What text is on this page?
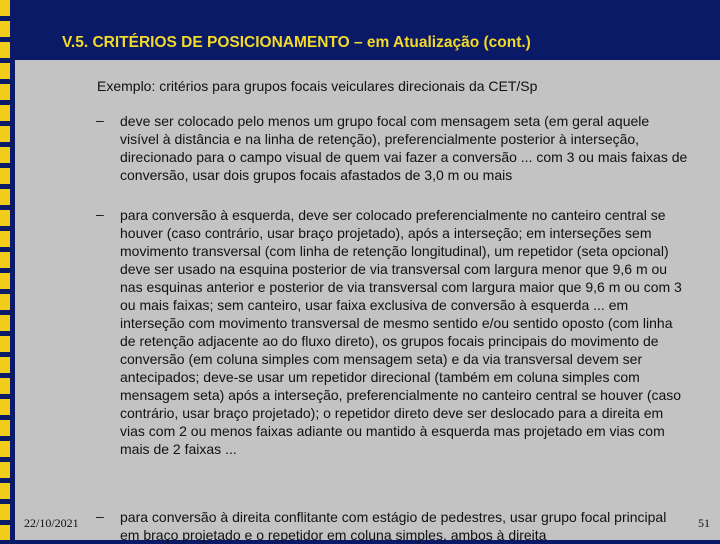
V.5. CRITÉRIOS DE POSICIONAMENTO – em Atualização (cont.)
Exemplo: critérios para grupos focais veiculares direcionais da CET/Sp
– deve ser colocado pelo menos um grupo focal com mensagem seta (em geral aquele visível à distância e na linha de retenção), preferencialmente posterior à interseção, direcionado para o campo visual de quem vai fazer a conversão ... com 3 ou mais faixas de conversão, usar dois grupos focais afastados de 3,0 m ou mais
– para conversão à esquerda, deve ser colocado preferencialmente no canteiro central se houver (caso contrário, usar braço projetado), após a interseção; em interseções sem movimento transversal (com linha de retenção longitudinal), um repetidor (seta opcional) deve ser usado na esquina posterior de via transversal com largura menor que 9,6 m ou nas esquinas anterior e posterior de via transversal com largura maior que 9,6 m ou com 3 ou mais faixas; sem canteiro, usar faixa exclusiva de conversão à esquerda ... em interseção com movimento transversal de mesmo sentido e/ou sentido oposto (com linha de retenção adjacente ao do fluxo direto), os grupos focais principais do movimento de conversão (em coluna simples com mensagem seta) e da via transversal devem ser antecipados; deve-se usar um repetidor direcional (também em coluna simples com mensagem seta) após a interseção, preferencialmente no canteiro central se houver (caso contrário, usar braço projetado); o repetidor direto deve ser deslocado para a direita em vias com 2 ou menos faixas adiante ou mantido à esquerda mas projetado em vias com mais de 2 faixas ...
– para conversão à direita conflitante com estágio de pedestres, usar grupo focal principal em braço projetado e o repetidor em coluna simples, ambos à direita
22/10/2021	51
